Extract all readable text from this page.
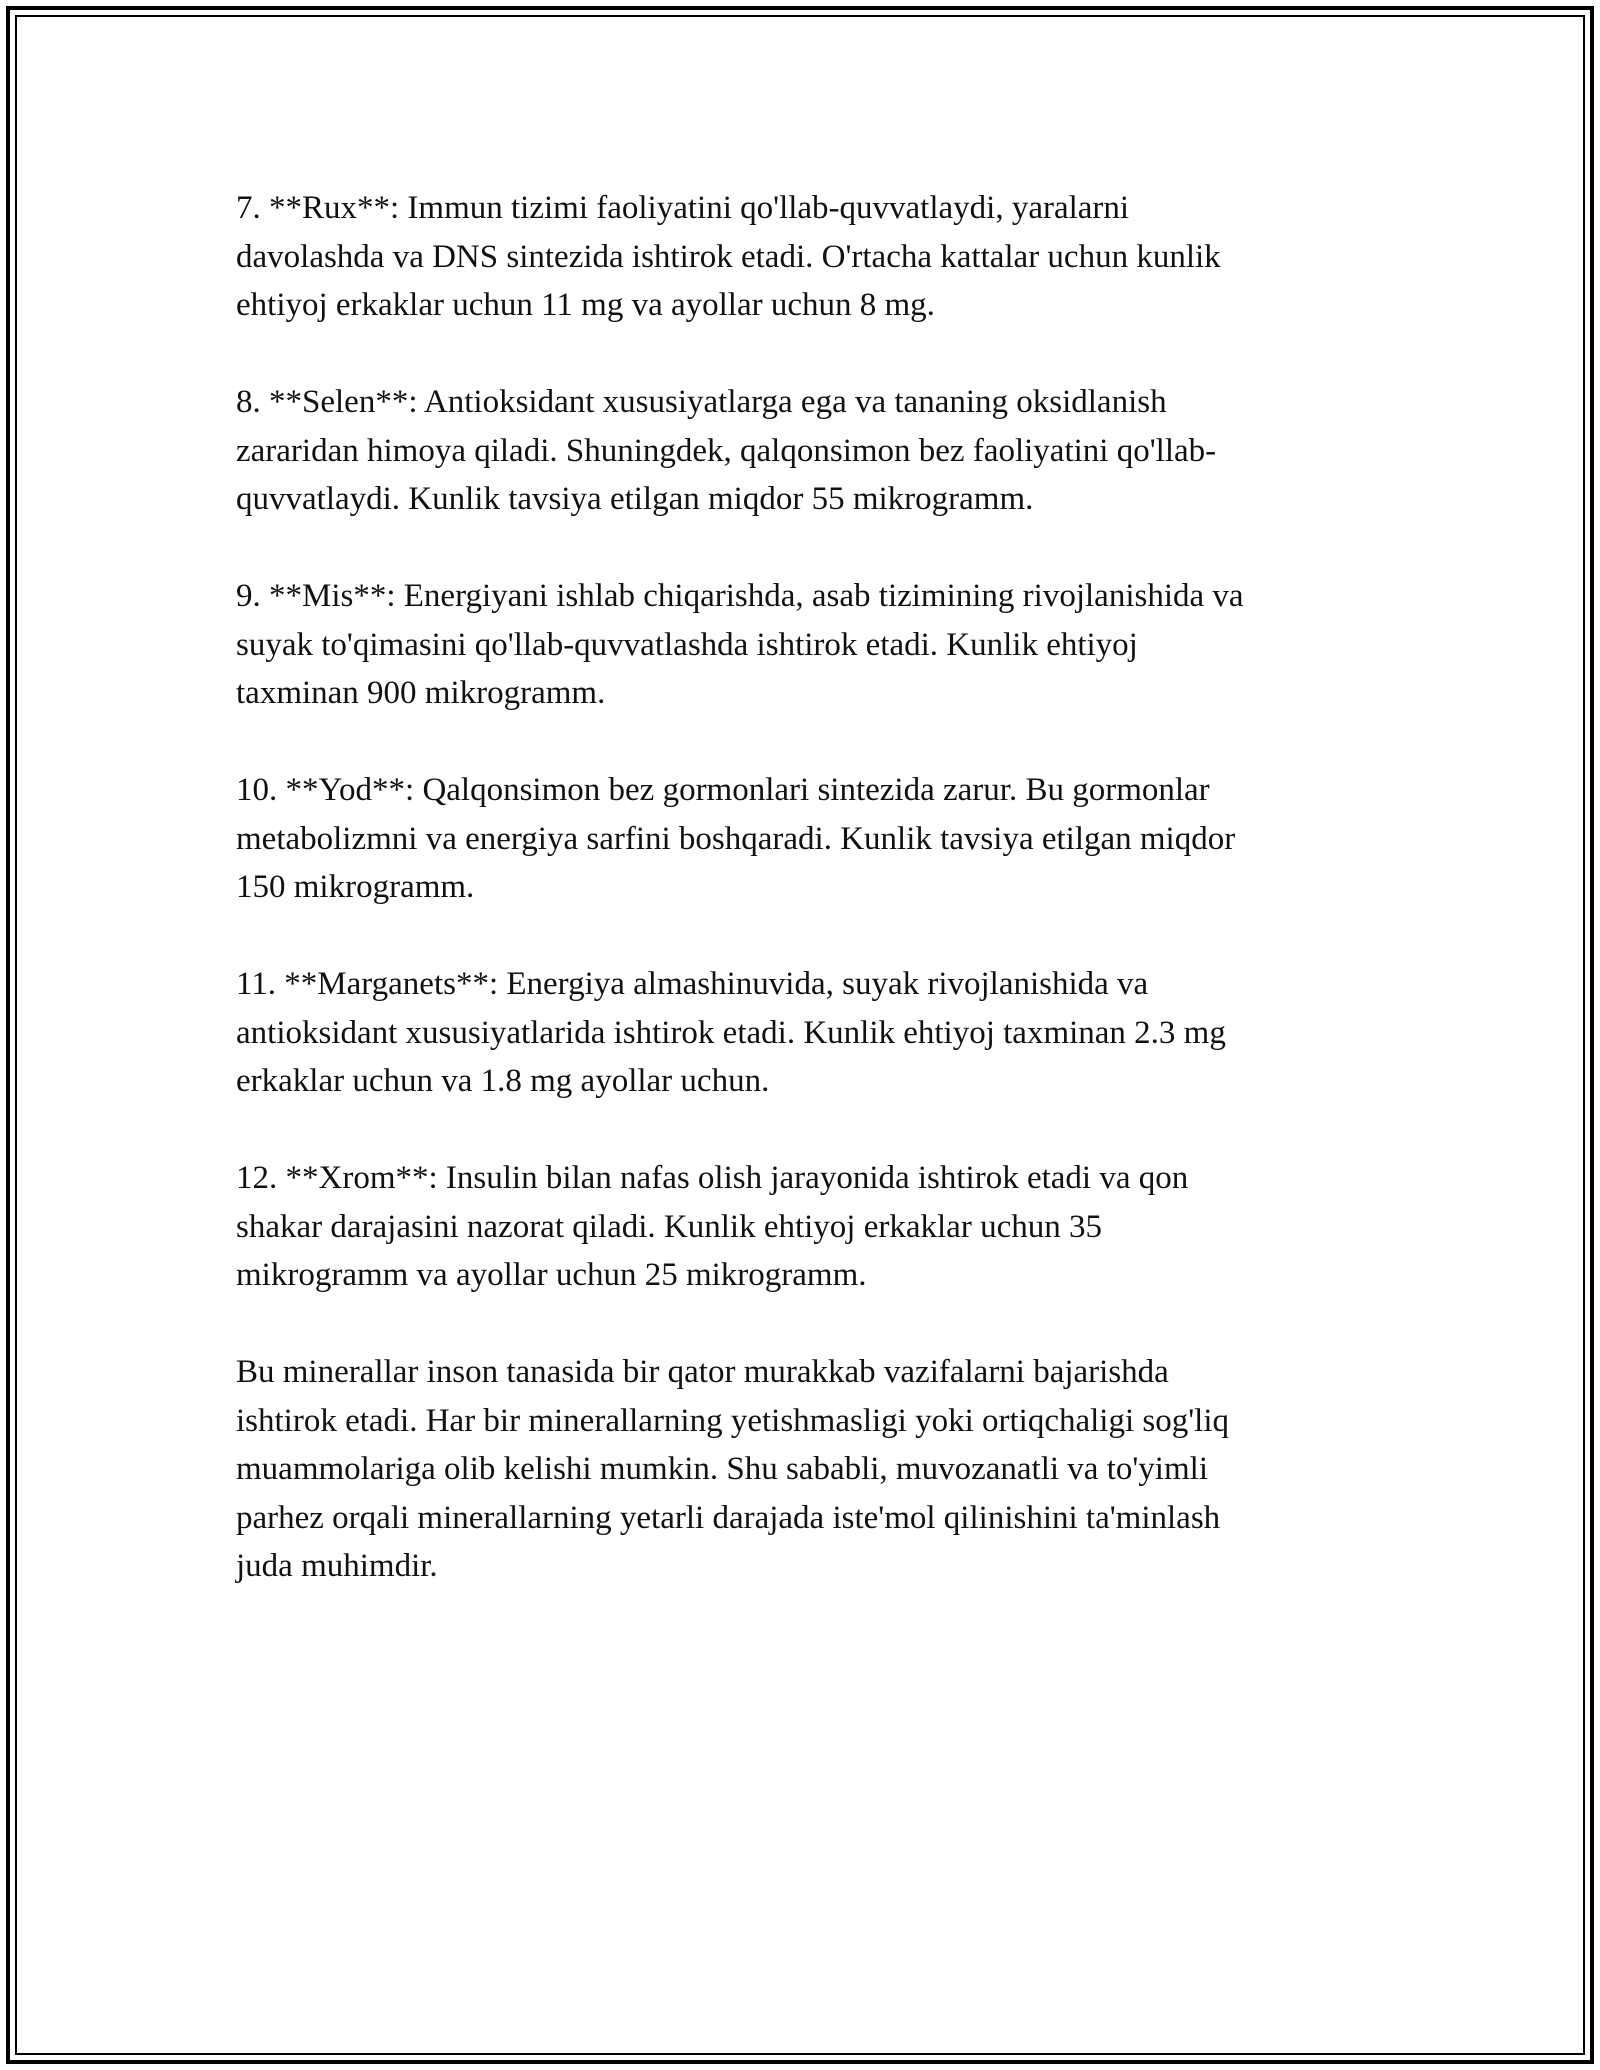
7. **Rux**: Immun tizimi faoliyatini qo'llab-quvvatlaydi, yaralarni
davolashda va DNS sintezida ishtirok etadi. O'rtacha kattalar uchun kunlik
ehtiyoj erkaklar uchun 11 mg va ayollar uchun 8 mg.

8. **Selen**: Antioksidant xususiyatlarga ega va tananing oksidlanish
zararidan himoya qiladi. Shuningdek, qalqonsimon bez faoliyatini qo'llab-
quvvatlaydi. Kunlik tavsiya etilgan miqdor 55 mikrogramm.

9. **Mis**: Energiyani ishlab chiqarishda, asab tizimining rivojlanishida va
suyak to'qimasini qo'llab-quvvatlashda ishtirok etadi. Kunlik ehtiyoj
taxminan 900 mikrogramm.

10. **Yod**: Qalqonsimon bez gormonlari sintezida zarur. Bu gormonlar
metabolizmni va energiya sarfini boshqaradi. Kunlik tavsiya etilgan miqdor
150 mikrogramm.

11. **Marganets**: Energiya almashinuvida, suyak rivojlanishida va
antioksidant xususiyatlarida ishtirok etadi. Kunlik ehtiyoj taxminan 2.3 mg
erkaklar uchun va 1.8 mg ayollar uchun.

12. **Xrom**: Insulin bilan nafas olish jarayonida ishtirok etadi va qon
shakar darajasini nazorat qiladi. Kunlik ehtiyoj erkaklar uchun 35
mikrogramm va ayollar uchun 25 mikrogramm.

Bu minerallar inson tanasida bir qator murakkab vazifalarni bajarishda
ishtirok etadi. Har bir minerallarning yetishmasligi yoki ortiqchaligi sog'liq
muammolariga olib kelishi mumkin. Shu sababli, muvozanatli va to'yimli
parhez orqali minerallarning yetarli darajada iste'mol qilinishini ta'minlash
juda muhimdir.
